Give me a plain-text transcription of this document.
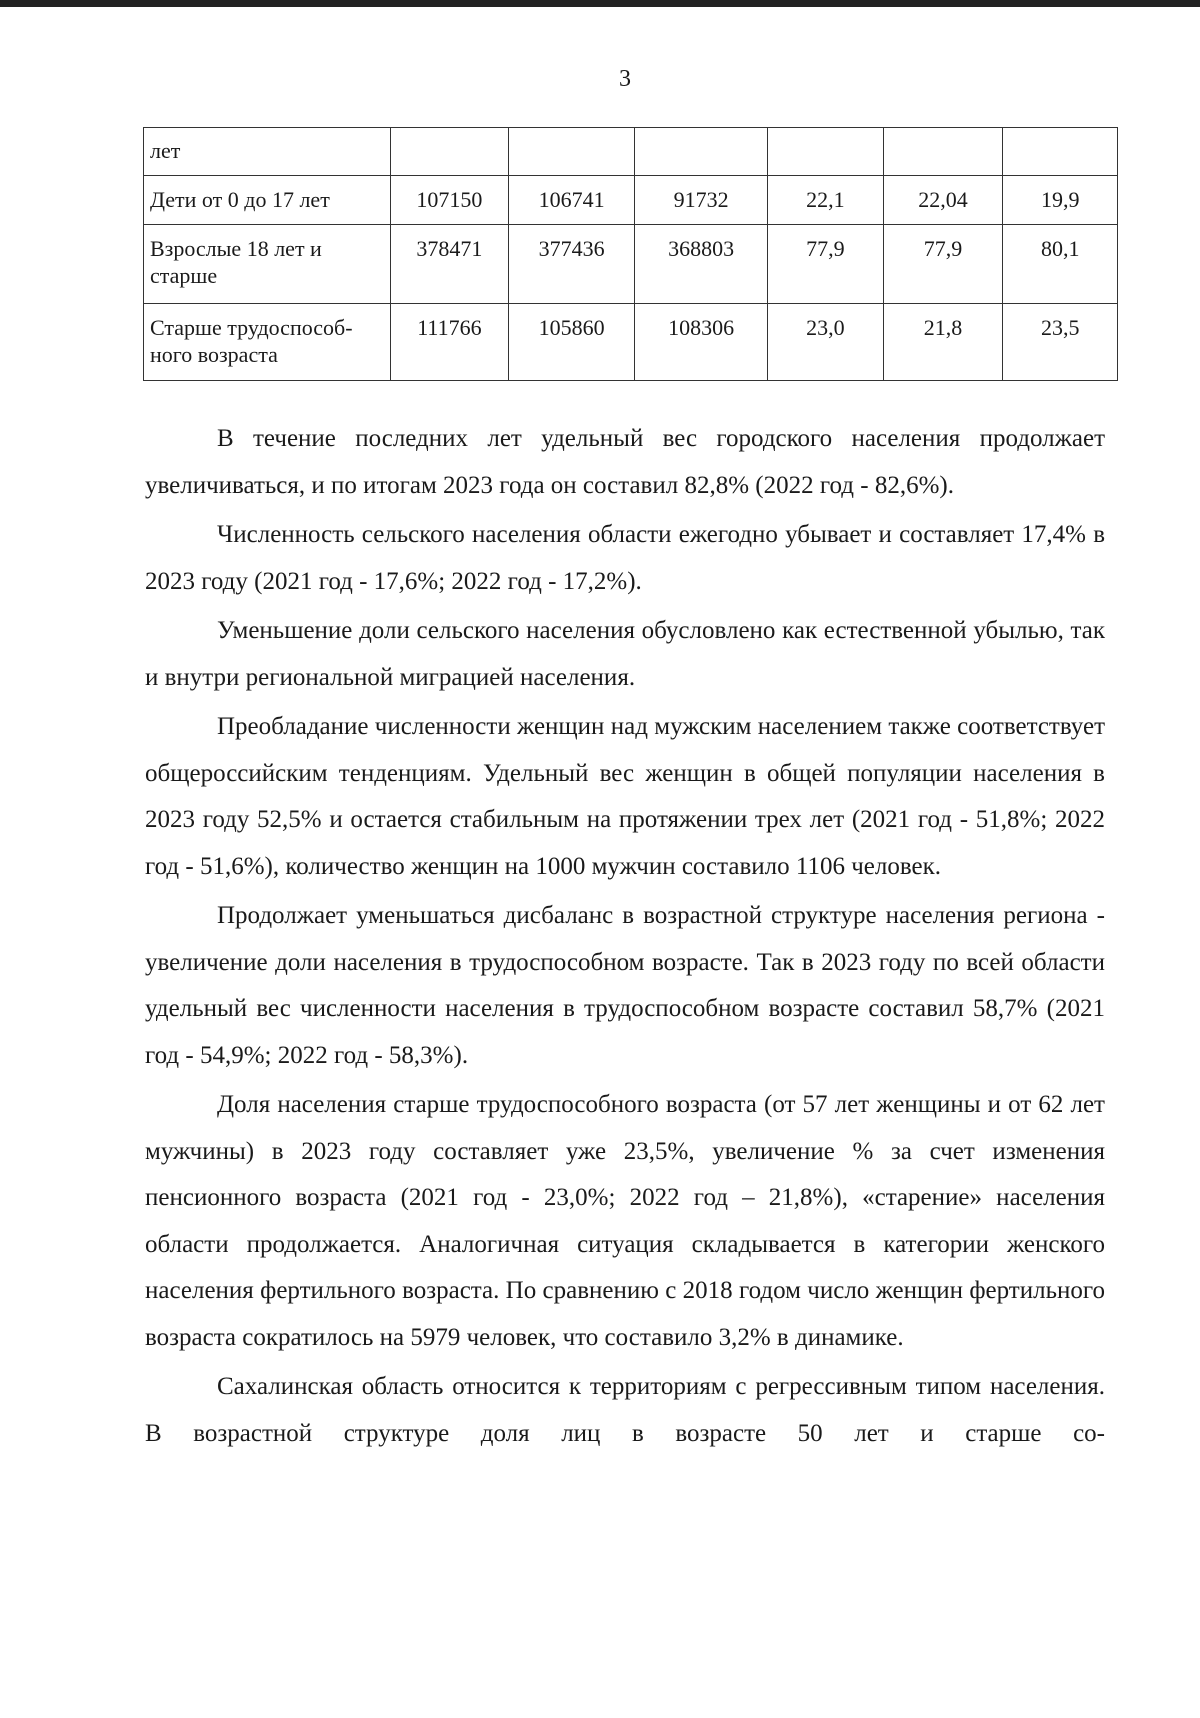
3
лет						
Дети от 0 до 17 лет	107150	106741	91732	22,1	22,04	19,9
Взрослые 18 лет и старше	378471	377436	368803	77,9	77,9	80,1
Старше трудоспособ-ного возраста	111766	105860	108306	23,0	21,8	23,5

В течение последних лет удельный вес городского населения продолжает увеличиваться, и по итогам 2023 года он составил 82,8% (2022 год - 82,6%).

Численность сельского населения области ежегодно убывает и составляет 17,4% в 2023 году (2021 год - 17,6%; 2022 год - 17,2%).

Уменьшение доли сельского населения обусловлено как естественной убылью, так и внутри региональной миграцией населения.

Преобладание численности женщин над мужским населением также соответствует общероссийским тенденциям. Удельный вес женщин в общей популяции населения в 2023 году 52,5% и остается стабильным на протяжении трех лет (2021 год - 51,8%; 2022 год - 51,6%), количество женщин на 1000 мужчин составило 1106 человек.

Продолжает уменьшаться дисбаланс в возрастной структуре населения региона - увеличение доли населения в трудоспособном возрасте. Так в 2023 году по всей области удельный вес численности населения в трудоспособном возрасте составил 58,7% (2021 год - 54,9%; 2022 год - 58,3%).

Доля населения старше трудоспособного возраста (от 57 лет женщины и от 62 лет мужчины) в 2023 году составляет уже 23,5%, увеличение % за счет изменения пенсионного возраста (2021 год - 23,0%; 2022 год – 21,8%), «старение» населения области продолжается. Аналогичная ситуация складывается в категории женского населения фертильного возраста. По сравнению с 2018 годом число женщин фертильного возраста сократилось на 5979 человек, что составило 3,2% в динамике.

Сахалинская область относится к территориям с регрессивным типом населения. В возрастной структуре доля лиц в возрасте 50 лет и старше со-
